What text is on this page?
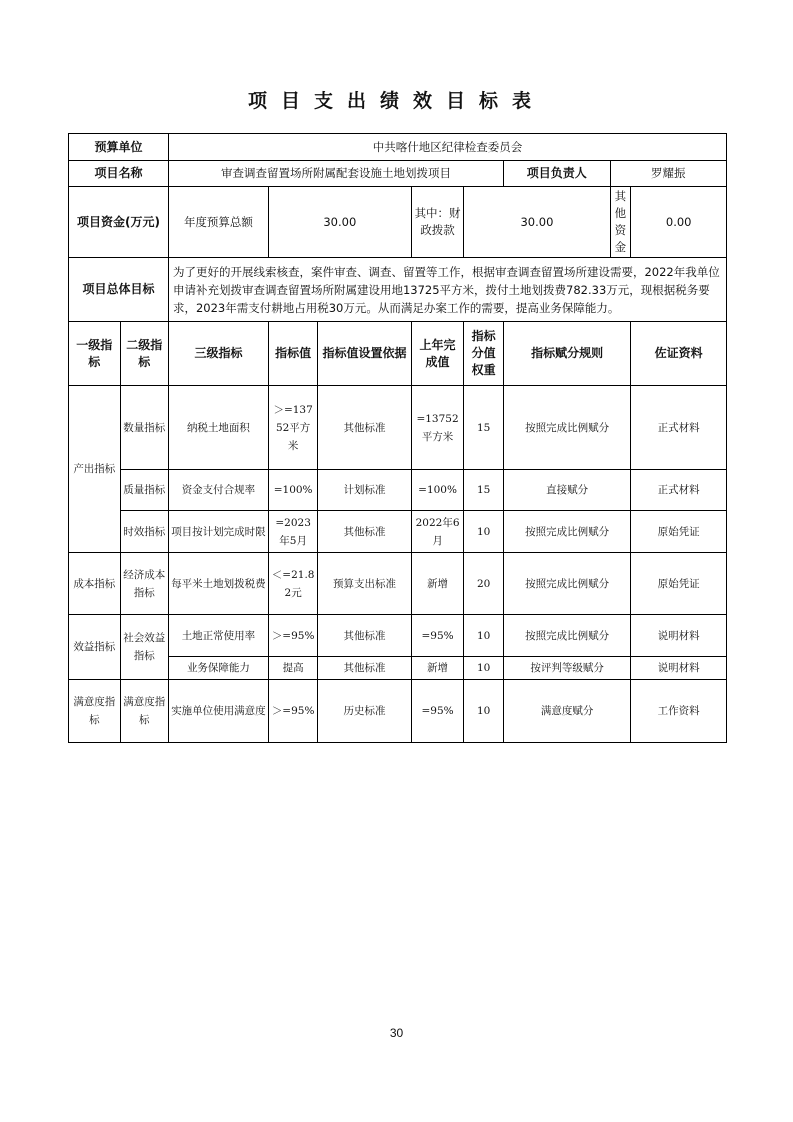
项目支出绩效目标表
预算单位		中共喀什地区纪律检查委员会							
项目名称		审查调查留置场所附属配套设施土地划拨项目					项目负责人	罗耀振	
项目资金(万元)		年度预算总额	30.00		其中：财政拨款	30.00		其他资金	0.00
项目总体目标		为了更好的开展线索核查，案件审查、调查、留置等工作，根据审查调查留置场所建设需要，2022年我单位申请补充划拨审查调查留置场所附属建设用地13725平方米，拨付土地划拨费782.33万元，现根据税务要求，2023年需支付耕地占用税30万元。从而满足办案工作的需要，提高业务保障能力。							
一级指标	二级指标	三级指标	指标值	指标值设置依据	上年完成值	指标分值权重	指标赋分规则		佐证资料
产出指标	数量指标	纳税土地面积	＞=13752平方米	其他标准	=13752平方米	15	按照完成比例赋分		正式材料
	质量指标	资金支付合规率	=100%	计划标准	=100%	15	直接赋分		正式材料
	时效指标	项目按计划完成时限	=2023年5月	其他标准	2022年6月	10	按照完成比例赋分		原始凭证
成本指标	经济成本指标	每平米土地划拨税费	＜=21.82元	预算支出标准	新增	20	按照完成比例赋分		原始凭证
效益指标	社会效益指标	土地正常使用率	＞=95%	其他标准	=95%	10	按照完成比例赋分		说明材料
		业务保障能力	提高	其他标准	新增	10	按评判等级赋分		说明材料
满意度指标	满意度指标	实施单位使用满意度	＞=95%	历史标准	=95%	10	满意度赋分		工作资料
30
